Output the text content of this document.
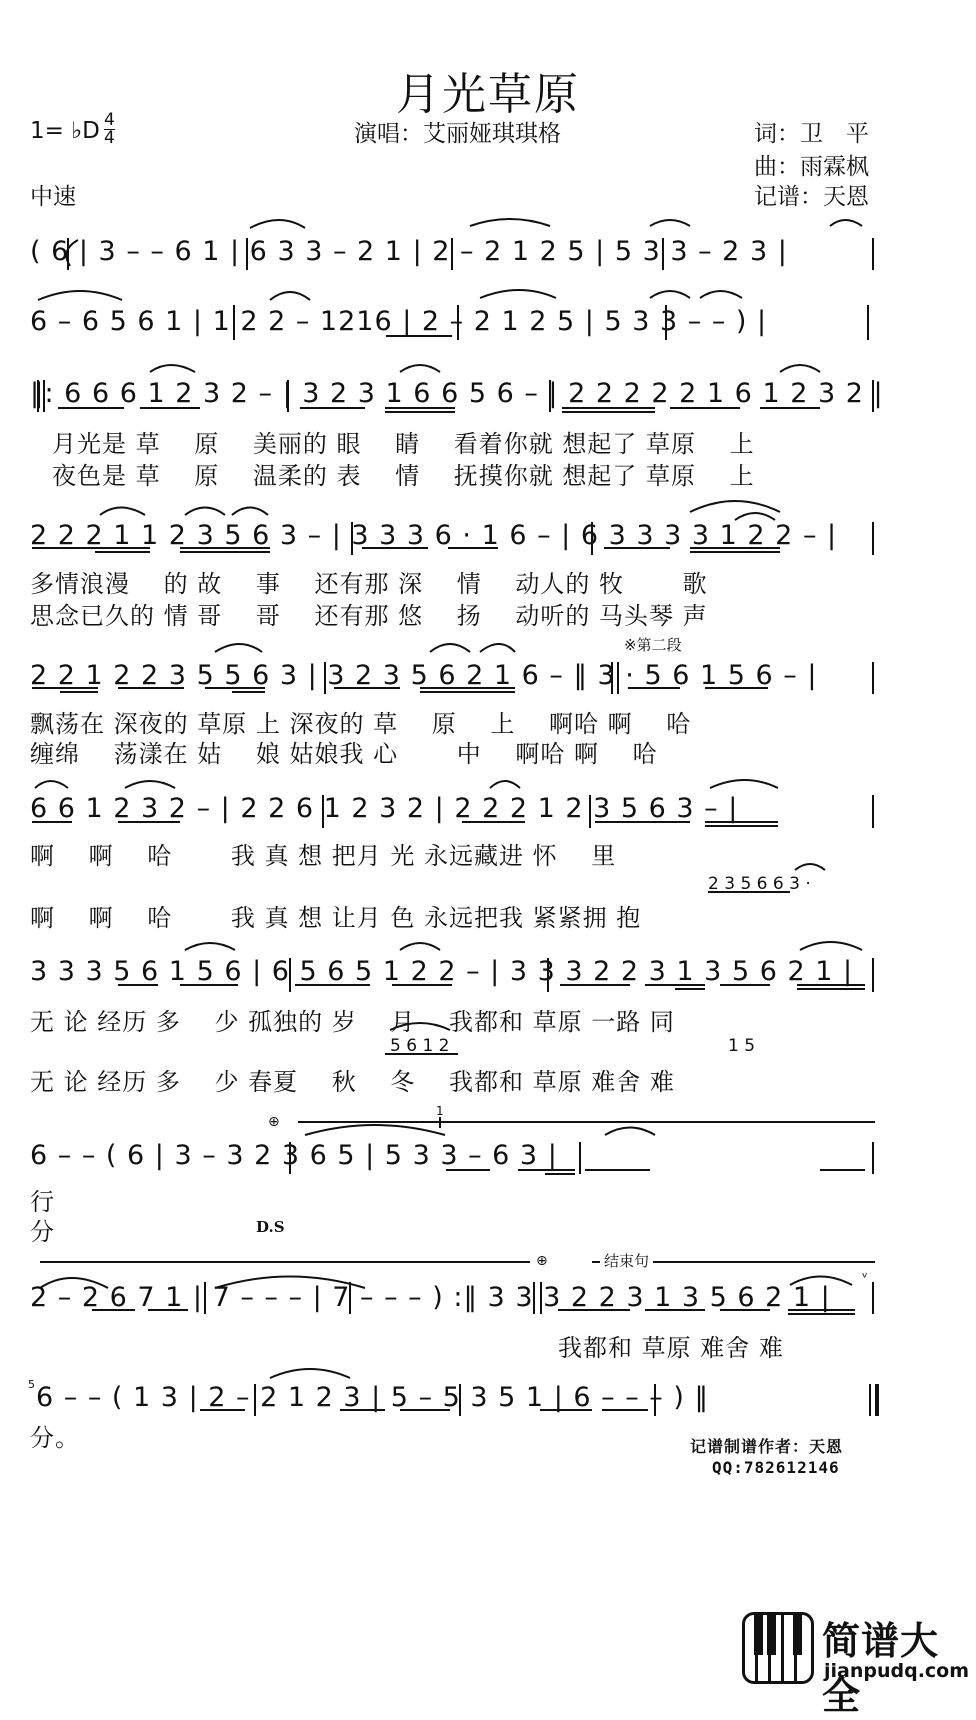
月光草原
1= ♭D 4
4
中速
演唱：艾丽娅琪琪格	词：卫　平
曲：雨霖枫
记谱：天恩
( 6 | 3 – – 6 1 | 6 3 3 – 2 1 | 2 – 2 1 2 5 | 5 3 3 – 2 3 |
6 – 6 5 6 1 | 1 2 2 – 1216 | 2 – 2 1 2 5 | 5 3 3 – – ) |
‖: 6 6 6 1 2 3 2 – | 3 2 3 1 6 6 5 6 – | 2 2 2 2 2 1 6 1 2 3 2 |
月光是 草　 原　 美丽的 眼　 睛　 看着你就 想起了 草原　 上
夜色是 草　 原　 温柔的 表　 情　 抚摸你就 想起了 草原　 上
2 2 2 1 1 2 3 5 6 3 – | 3 3 3 6 · 1 6 – | 6 3 3 3 3 1 2 2 – |
多情浪漫　 的 故　 事　 还有那 深　 情　 动人的 牧　　 歌
思念已久的 情 哥　 哥　 还有那 悠　 扬　 动听的 马头琴 声
※第二段
2 2 1 2 2 3 5 5 6 3 | 3 2 3 5 6 2 1 6 – ‖ 3 · 5 6 1 5 6 – |
飘荡在 深夜的 草原 上 深夜的 草　 原　 上　 啊哈 啊　 哈
缠绵　 荡漾在 姑　 娘 姑娘我 心　　 中　 啊哈 啊　 哈
6 6 1 2 3 2 – | 2 2 6 1 2 3 2 | 2 2 2 1 2 3 5 6 3 – |
啊　 啊　 哈　　 我 真 想 把月 光 永远藏进 怀　 里
2 3 5 6 6 3 ·
啊　 啊　 哈　　 我 真 想 让月 色 永远把我 紧紧拥 抱
3 3 3 5 6 1 5 6 | 6 5 6 5 1 2 2 – | 3 3 3 2 2 3 1 3 5 6 2 1 |
无 论 经历 多　 少 孤独的 岁　 月　 我都和 草原 一路 同
5 6 1 2	1 5
无 论 经历 多　 少 春夏　 秋　 冬　 我都和 草原 难舍 难
⊕
1
6 – – ( 6 | 3 – 3 2 3 6 5 | 5 3 3 – 6 3 |
行
分	D.S
⊕	结束句
ᵛ
2 – 2 6 7 1 | 7 – – – | 7 – – – ) :‖ 3 3 3 2 2 3 1 3 5 6 2 1 |
我都和 草原 难舍 难
5 6 – – ( 1 3 | 2 – 2 1 2 3 | 5 – 5 3 5 1 | 6 – – – ) ‖
分。	记谱制谱作者：天恩
QQ:782612146
简谱大全
jianpudq.com
